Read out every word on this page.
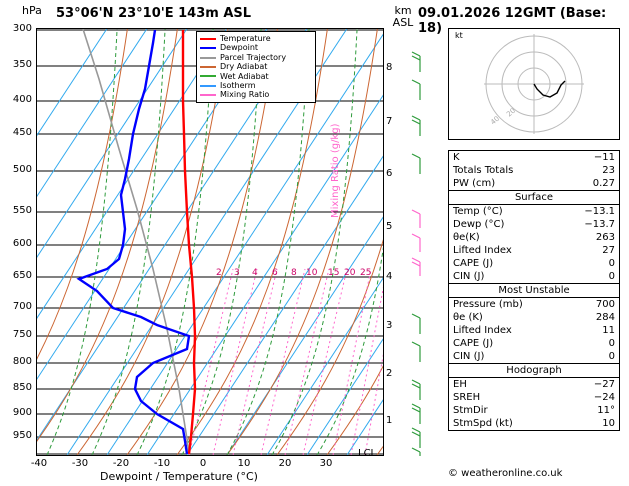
hPa 53°06'N 23°10'E 143m ASL	km
ASL
09.01.2026 12GMT (Base: 18)
300
350
400
450
500
550
600
650
700
750
800
850
900
950
-40	-30	-20	-10	0	10	20	30
Dewpoint / Temperature (°C)
8
7
6
5
4
3
2
1
LCL
Mixing Ratio (g/kg)
2 3 4 6 8 10 15 20 25
Temperature
Dewpoint
Parcel Trajectory
Dry Adiabat
Wet Adiabat
Isotherm
Mixing Ratio
20
40
kt
K	−11
Totals Totals	23
PW (cm)	0.27
Surface
Temp (°C)	−13.1
Dewp (°C)	−13.7
θe(K)	263
Lifted Index	27
CAPE (J)	0
CIN (J)	0
Most Unstable
Pressure (mb)	700
θe (K)	284
Lifted Index	11
CAPE (J)	0
CIN (J)	0
Hodograph
EH	−27
SREH	−24
StmDir	11°
StmSpd (kt)	10
© weatheronline.co.uk
